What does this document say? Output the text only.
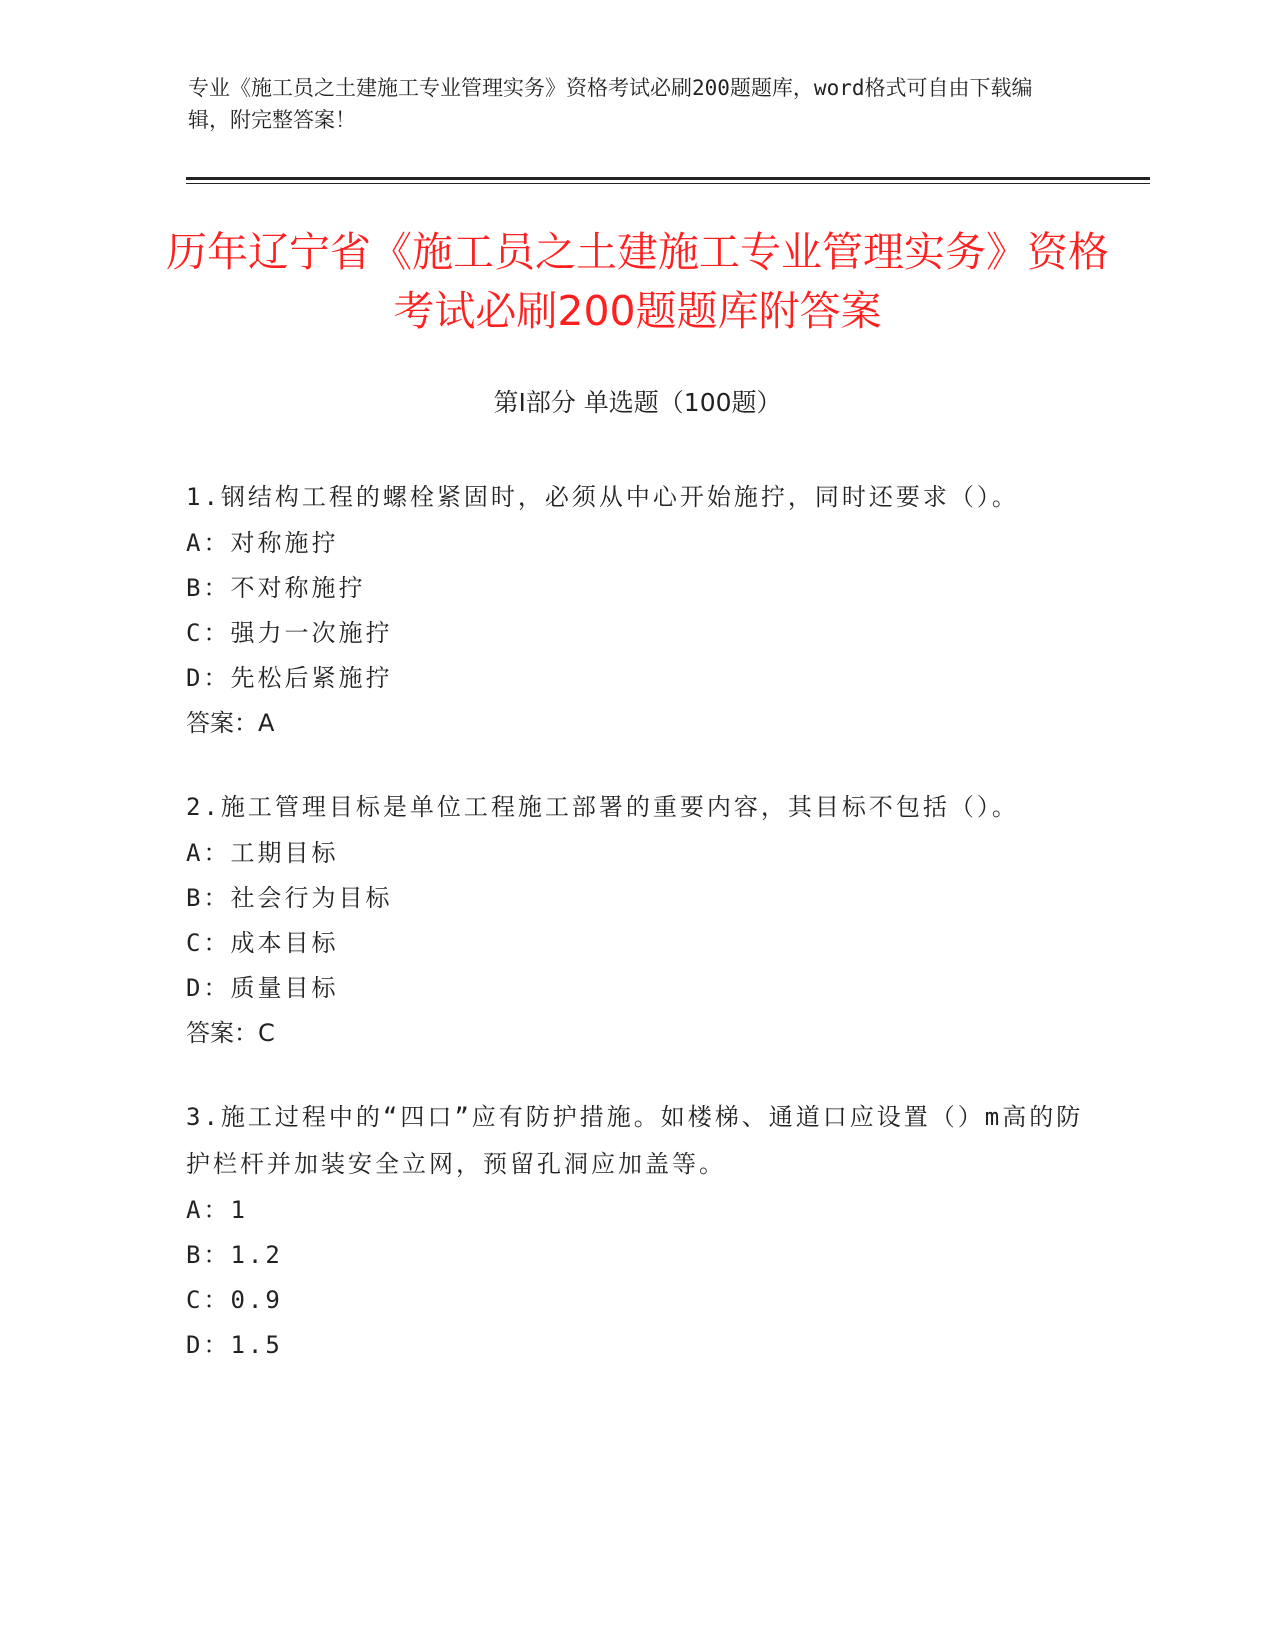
专业《施工员之土建施工专业管理实务》资格考试必刷200题题库，word格式可自由下载编辑，附完整答案！
历年辽宁省《施工员之土建施工专业管理实务》资格考试必刷200题题库附答案
第Ⅰ部分 单选题（100题）
1.钢结构工程的螺栓紧固时，必须从中心开始施拧，同时还要求（）。
A：对称施拧
B：不对称施拧
C：强力一次施拧
D：先松后紧施拧
答案：A
2.施工管理目标是单位工程施工部署的重要内容，其目标不包括（）。
A：工期目标
B：社会行为目标
C：成本目标
D：质量目标
答案：C
3.施工过程中的“四口”应有防护措施。如楼梯、通道口应设置（）m高的防护栏杆并加装安全立网，预留孔洞应加盖等。
A：1
B：1.2
C：0.9
D：1.5
